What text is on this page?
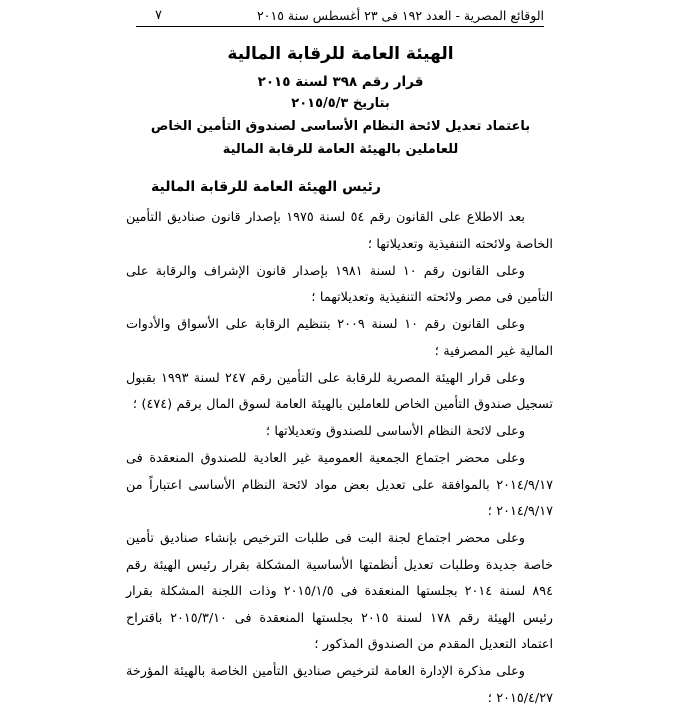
الوقائع المصرية - العدد ١٩٢ فى ٢٣ أغسطس سنة ٢٠١٥
٧
الهيئة العامة للرقابة المالية
قرار رقم ٣٩٨ لسنة ٢٠١٥
بتاريخ ٢٠١٥/٥/٣
باعتماد تعديل لائحة النظام الأساسى لصندوق التأمين الخاص
للعاملين بالهيئة العامة للرقابة المالية
رئيس الهيئة العامة للرقابة المالية

بعد الاطلاع على القانون رقم ٥٤ لسنة ١٩٧٥ بإصدار قانون صناديق التأمين الخاصة ولائحته التنفيذية وتعديلاتها ؛

وعلى القانون رقم ١٠ لسنة ١٩٨١ بإصدار قانون الإشراف والرقابة على التأمين فى مصر ولائحته التنفيذية وتعديلاتهما ؛

وعلى القانون رقم ١٠ لسنة ٢٠٠٩ بتنظيم الرقابة على الأسواق والأدوات المالية غير المصرفية ؛

وعلى قرار الهيئة المصرية للرقابة على التأمين رقم ٢٤٧ لسنة ١٩٩٣ بقبول تسجيل صندوق التأمين الخاص للعاملين بالهيئة العامة لسوق المال برقم (٤٧٤) ؛

وعلى لائحة النظام الأساسى للصندوق وتعديلاتها ؛

وعلى محضر اجتماع الجمعية العمومية غير العادية للصندوق المنعقدة فى ٢٠١٤/٩/١٧ بالموافقة على تعديل بعض مواد لائحة النظام الأساسى اعتباراً من ٢٠١٤/٩/١٧ ؛

وعلى محضر اجتماع لجنة البت فى طلبات الترخيص بإنشاء صناديق تأمين خاصة جديدة وطلبات تعديل أنظمتها الأساسية المشكلة بقرار رئيس الهيئة رقم ٨٩٤ لسنة ٢٠١٤ بجلستها المنعقدة فى ٢٠١٥/١/٥ وذات اللجنة المشكلة بقرار رئيس الهيئة رقم ١٧٨ لسنة ٢٠١٥ بجلستها المنعقدة فى ٢٠١٥/٣/١٠ باقتراح اعتماد التعديل المقدم من الصندوق المذكور ؛

وعلى مذكرة الإدارة العامة لترخيص صناديق التأمين الخاصة بالهيئة المؤرخة ٢٠١٥/٤/٢٧ ؛
